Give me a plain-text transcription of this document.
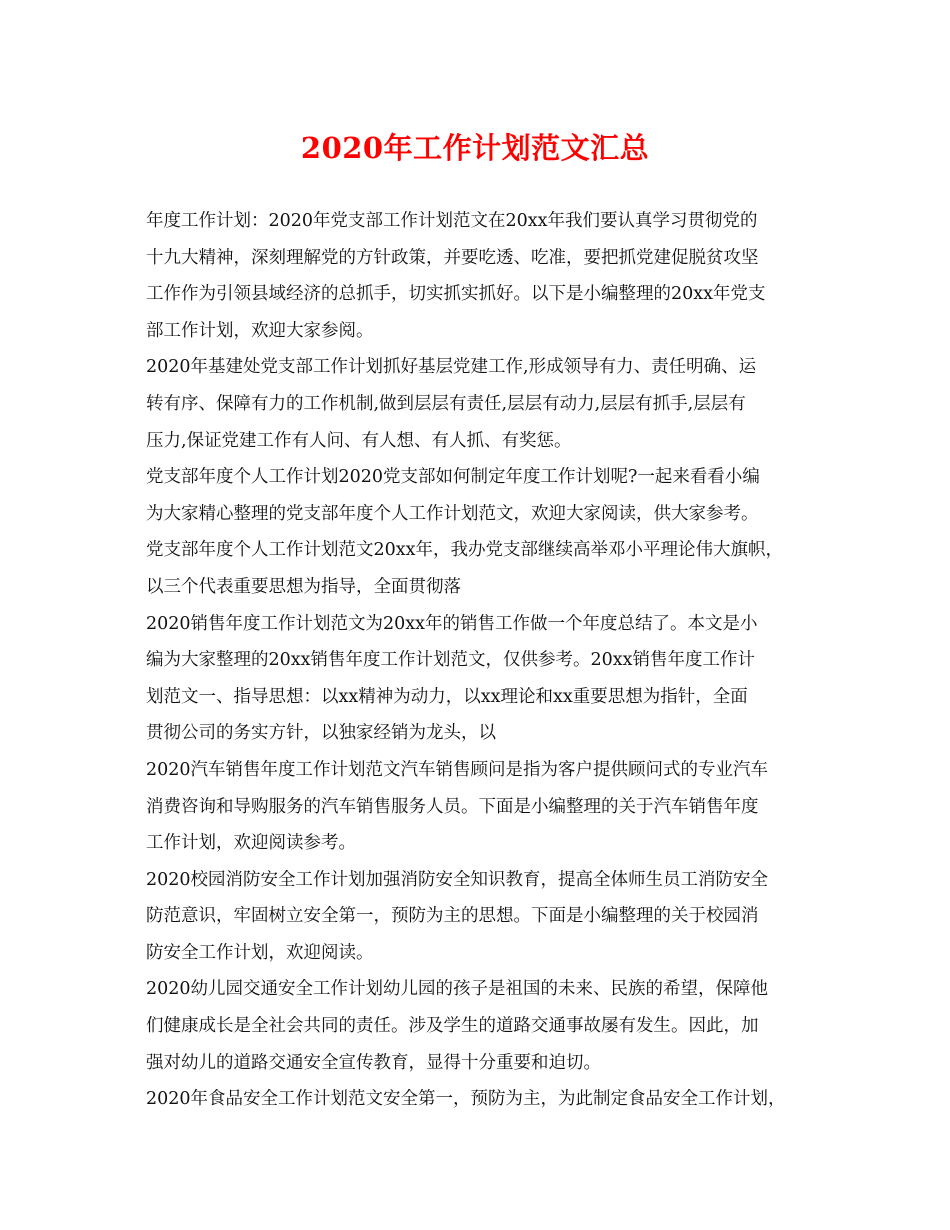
2020年工作计划范文汇总
年度工作计划：2020年党支部工作计划范文在20xx年我们要认真学习贯彻党的
十九大精神，深刻理解党的方针政策，并要吃透、吃准，要把抓党建促脱贫攻坚
工作作为引领县域经济的总抓手，切实抓实抓好。以下是小编整理的20xx年党支
部工作计划，欢迎大家参阅。
2020年基建处党支部工作计划抓好基层党建工作,形成领导有力、责任明确、运
转有序、保障有力的工作机制,做到层层有责任,层层有动力,层层有抓手,层层有
压力,保证党建工作有人问、有人想、有人抓、有奖惩。
党支部年度个人工作计划2020党支部如何制定年度工作计划呢?一起来看看小编
为大家精心整理的党支部年度个人工作计划范文，欢迎大家阅读，供大家参考。
党支部年度个人工作计划范文20xx年，我办党支部继续高举邓小平理论伟大旗帜，
以三个代表重要思想为指导，全面贯彻落
2020销售年度工作计划范文为20xx年的销售工作做一个年度总结了。本文是小
编为大家整理的20xx销售年度工作计划范文，仅供参考。20xx销售年度工作计
划范文一、指导思想：以xx精神为动力，以xx理论和xx重要思想为指针，全面
贯彻公司的务实方针，以独家经销为龙头，以
2020汽车销售年度工作计划范文汽车销售顾问是指为客户提供顾问式的专业汽车
消费咨询和导购服务的汽车销售服务人员。下面是小编整理的关于汽车销售年度
工作计划，欢迎阅读参考。
2020校园消防安全工作计划加强消防安全知识教育，提高全体师生员工消防安全
防范意识，牢固树立安全第一，预防为主的思想。下面是小编整理的关于校园消
防安全工作计划，欢迎阅读。
2020幼儿园交通安全工作计划幼儿园的孩子是祖国的未来、民族的希望，保障他
们健康成长是全社会共同的责任。涉及学生的道路交通事故屡有发生。因此，加
强对幼儿的道路交通安全宣传教育，显得十分重要和迫切。
2020年食品安全工作计划范文安全第一，预防为主，为此制定食品安全工作计划，
